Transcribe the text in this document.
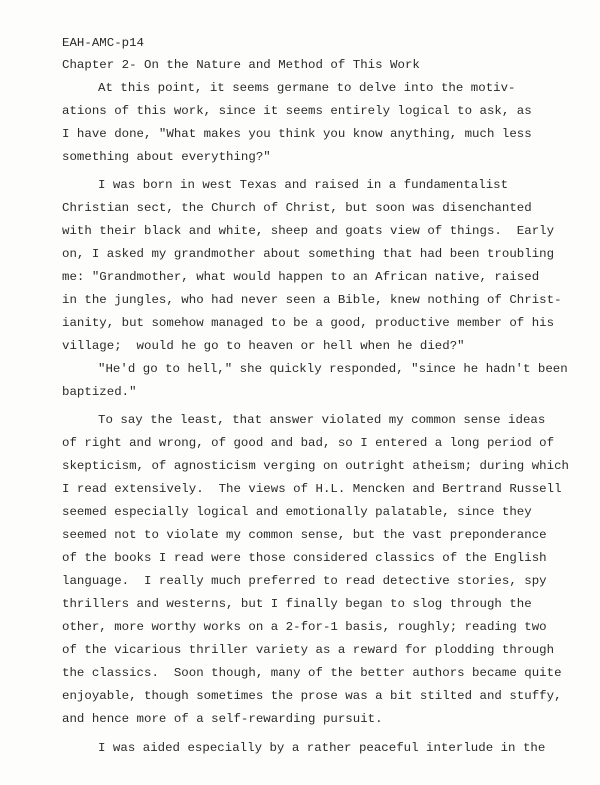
EAH-AMC-p14
Chapter 2- On the Nature and Method of This Work
At this point, it seems germane to delve into the motiv-
ations of this work, since it seems entirely logical to ask, as
I have done, "What makes you think you know anything, much less
something about everything?"
I was born in west Texas and raised in a fundamentalist
Christian sect, the Church of Christ, but soon was disenchanted
with their black and white, sheep and goats view of things.  Early
on, I asked my grandmother about something that had been troubling
me: "Grandmother, what would happen to an African native, raised
in the jungles, who had never seen a Bible, knew nothing of Christ-
ianity, but somehow managed to be a good, productive member of his
village;  would he go to heaven or hell when he died?"
"He'd go to hell," she quickly responded, "since he hadn't been
baptized."
To say the least, that answer violated my common sense ideas
of right and wrong, of good and bad, so I entered a long period of
skepticism, of agnosticism verging on outright atheism; during which
I read extensively.  The views of H.L. Mencken and Bertrand Russell
seemed especially logical and emotionally palatable, since they
seemed not to violate my common sense, but the vast preponderance
of the books I read were those considered classics of the English
language.  I really much preferred to read detective stories, spy
thrillers and westerns, but I finally began to slog through the
other, more worthy works on a 2-for-1 basis, roughly; reading two
of the vicarious thriller variety as a reward for plodding through
the classics.  Soon though, many of the better authors became quite
enjoyable, though sometimes the prose was a bit stilted and stuffy,
and hence more of a self-rewarding pursuit.
I was aided especially by a rather peaceful interlude in the
